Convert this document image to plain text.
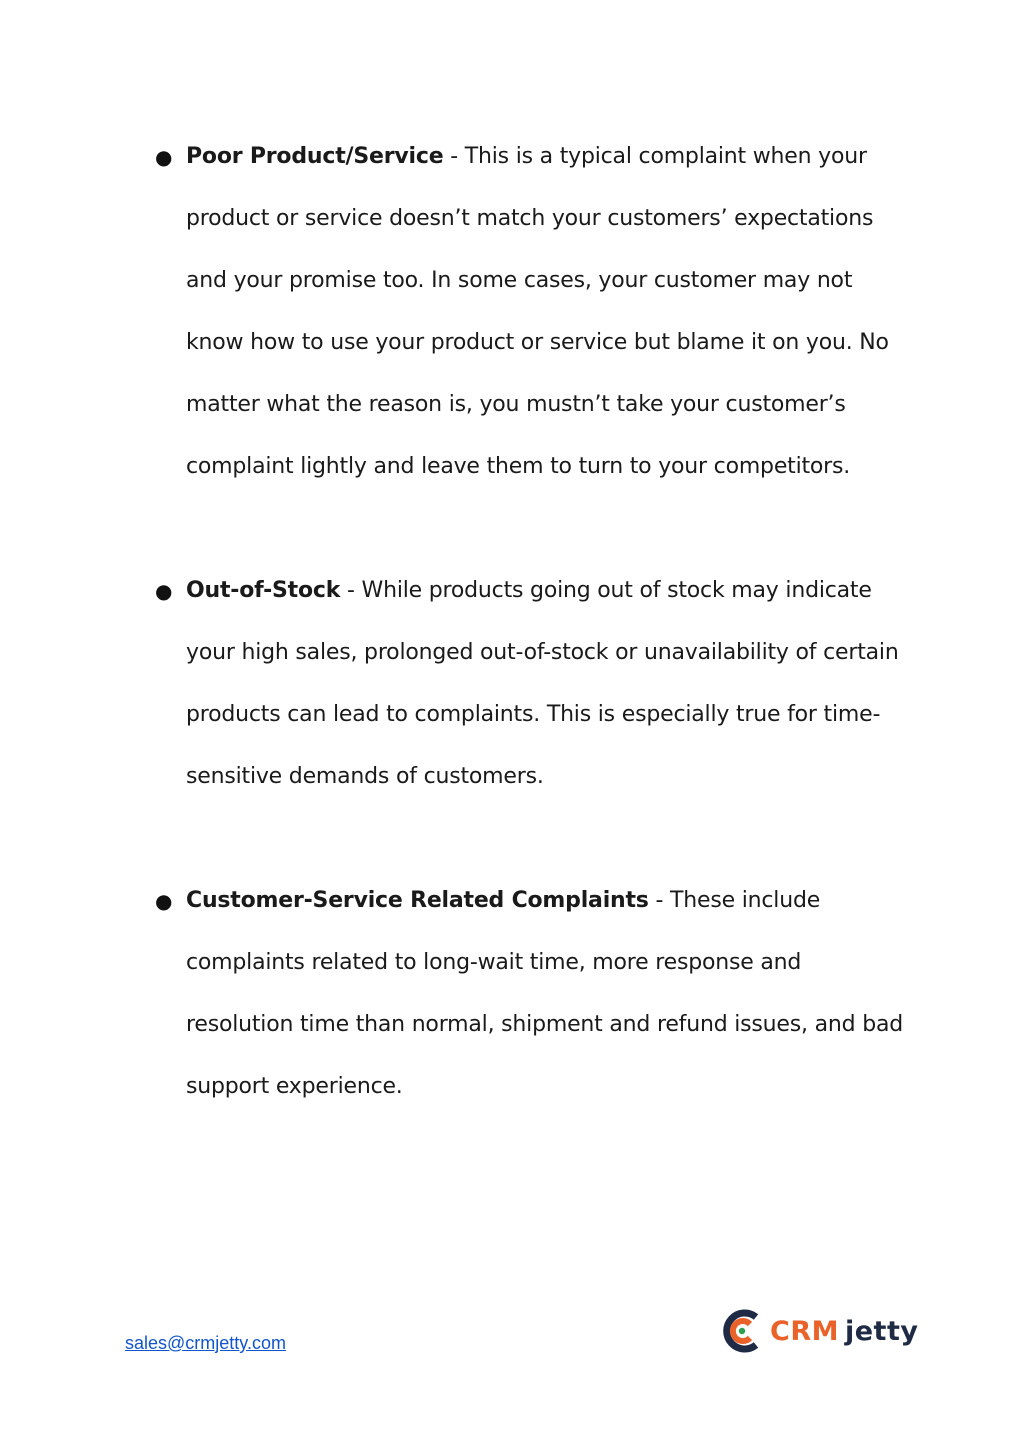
● Poor Product/Service - This is a typical complaint when your product or service doesn’t match your customers’ expectations and your promise too. In some cases, your customer may not know how to use your product or service but blame it on you. No matter what the reason is, you mustn’t take your customer’s complaint lightly and leave them to turn to your competitors.
● Out-of-Stock - While products going out of stock may indicate your high sales, prolonged out-of-stock or unavailability of certain products can lead to complaints. This is especially true for time-sensitive demands of customers.
● Customer-Service Related Complaints - These include complaints related to long-wait time, more response and resolution time than normal, shipment and refund issues, and bad support experience.
sales@crmjetty.com	CRM jetty
